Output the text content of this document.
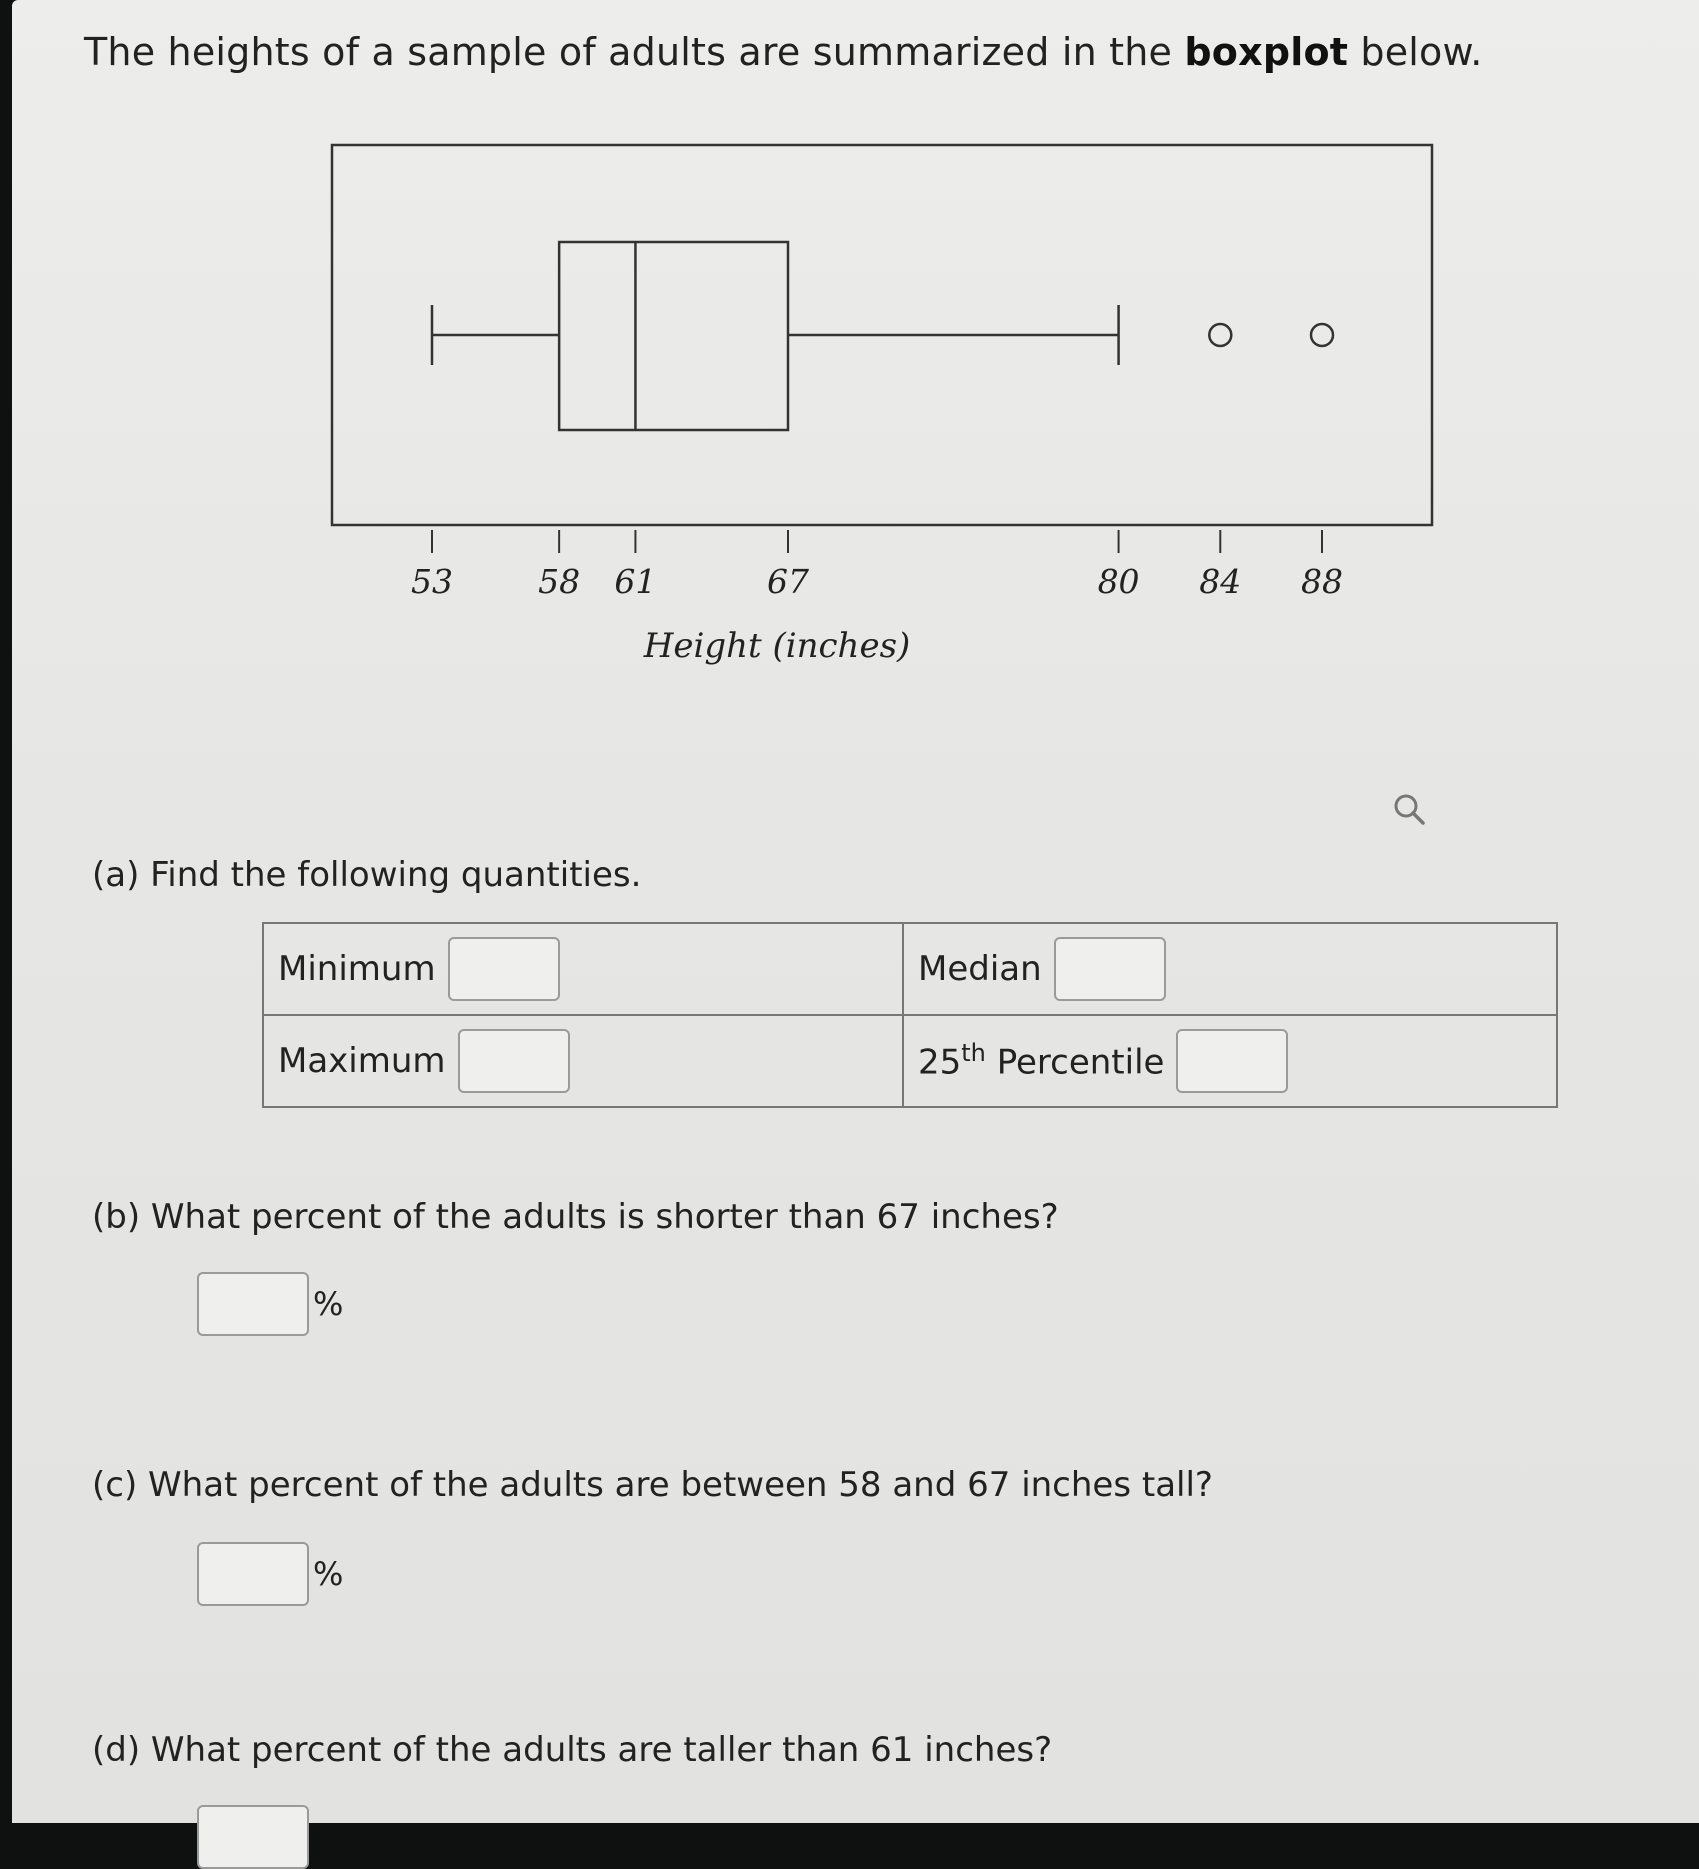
The heights of a sample of adults are summarized in the boxplot below.
53	58 61	67	80 84 88
Height (inches)
(a) Find the following quantities.
Minimum	Median

Maximum	25th Percentile
(b) What percent of the adults is shorter than 67 inches?
%
(c) What percent of the adults are between 58 and 67 inches tall?
%
(d) What percent of the adults are taller than 61 inches?
